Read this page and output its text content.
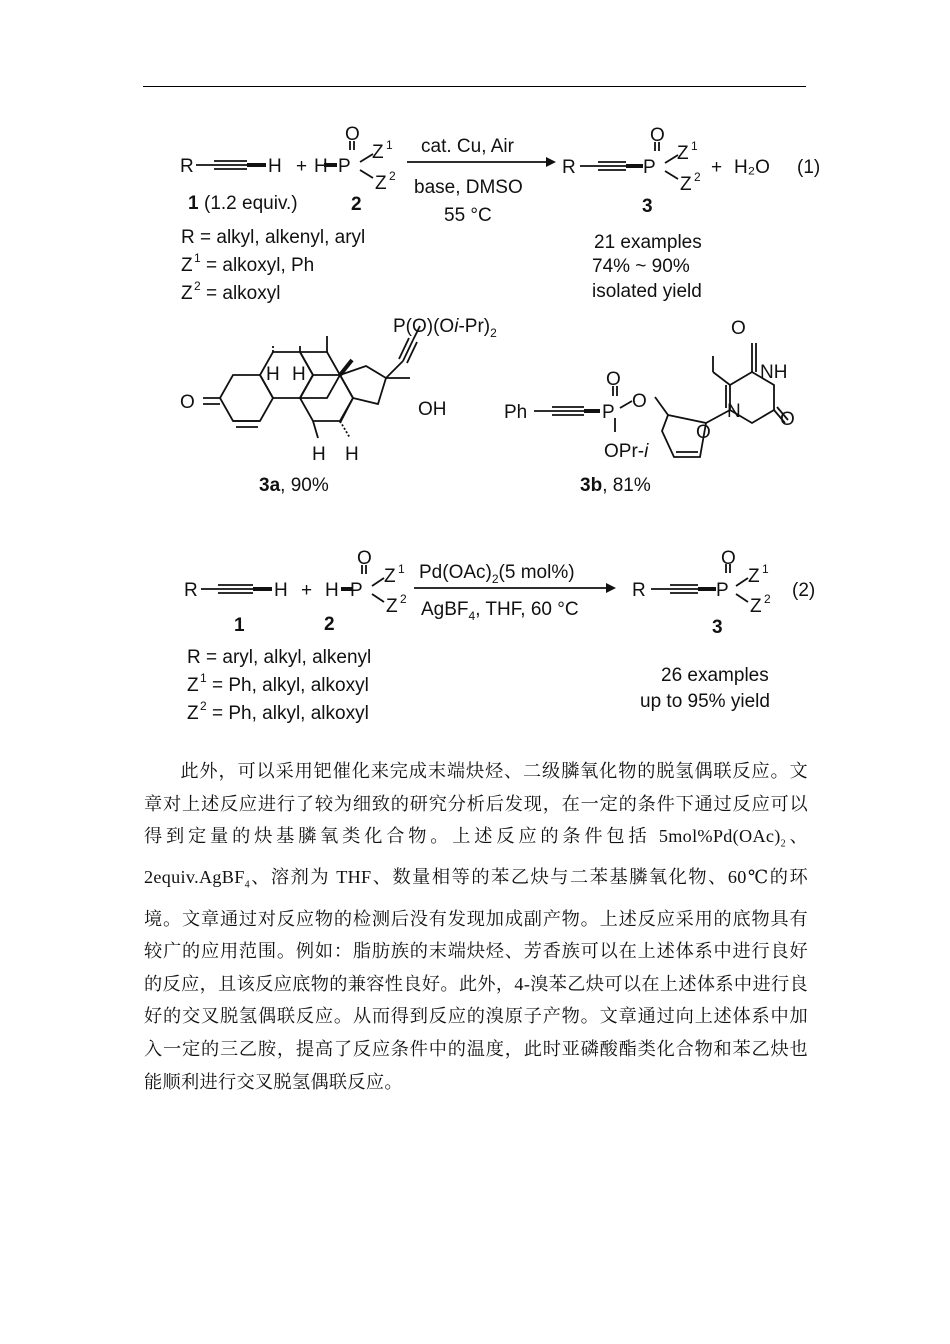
R	H + H P
O
Z 1
Z 2
1 (1.2 equiv.)	2
cat. Cu, Air
base, DMSO
55 °C
R	P
O
Z 1
Z 2
3
+ H₂O (1)
R = alkyl, alkenyl, aryl
Z 1 = alkoxyl, Ph
Z 2 = alkoxyl
21 examples
74% ~ 90%
isolated yield
$P(O)(Oi-Pr)_2$
O	OH
H H
H H
3a, 90%
Ph	P
O
O
OPr-i
O
O
NH
N O
3b, 81%
R	H + H P
O
Z 1
Z 2
1	2
$Pd(OAc)_2(5$ mol%)
AgBF$_4$, THF, 60 °C
R	P
O
Z 1
Z 2
3
(2)
R = aryl, alkyl, alkenyl
Z 1 = Ph, alkyl, alkoxyl
Z 2 = Ph, alkyl, alkoxyl
26 examples
up to 95% yield

此外，可以采用钯催化来完成末端炔烃、二级膦氧化物的脱氢偶联反应。文章对上述反应进行了较为细致的研究分析后发现，在一定的条件下通过反应可以得到定量的炔基膦氧类化合物。上述反应的条件包括 $5mol\%Pd(OAc)_2$、2equiv.AgBF$_4$、溶剂为 THF、数量相等的苯乙炔与二苯基膦氧化物、60℃的环境。文章通过对反应物的检测后没有发现加成副产物。上述反应采用的底物具有较广的应用范围。例如：脂肪族的末端炔烃、芳香族可以在上述体系中进行良好的反应，且该反应底物的兼容性良好。此外，4-溴苯乙炔可以在上述体系中进行良好的交叉脱氢偶联反应。从而得到反应的溴原子产物。文章通过向上述体系中加入一定的三乙胺，提高了反应条件中的温度，此时亚磷酸酯类化合物和苯乙炔也能顺利进行交叉脱氢偶联反应。
